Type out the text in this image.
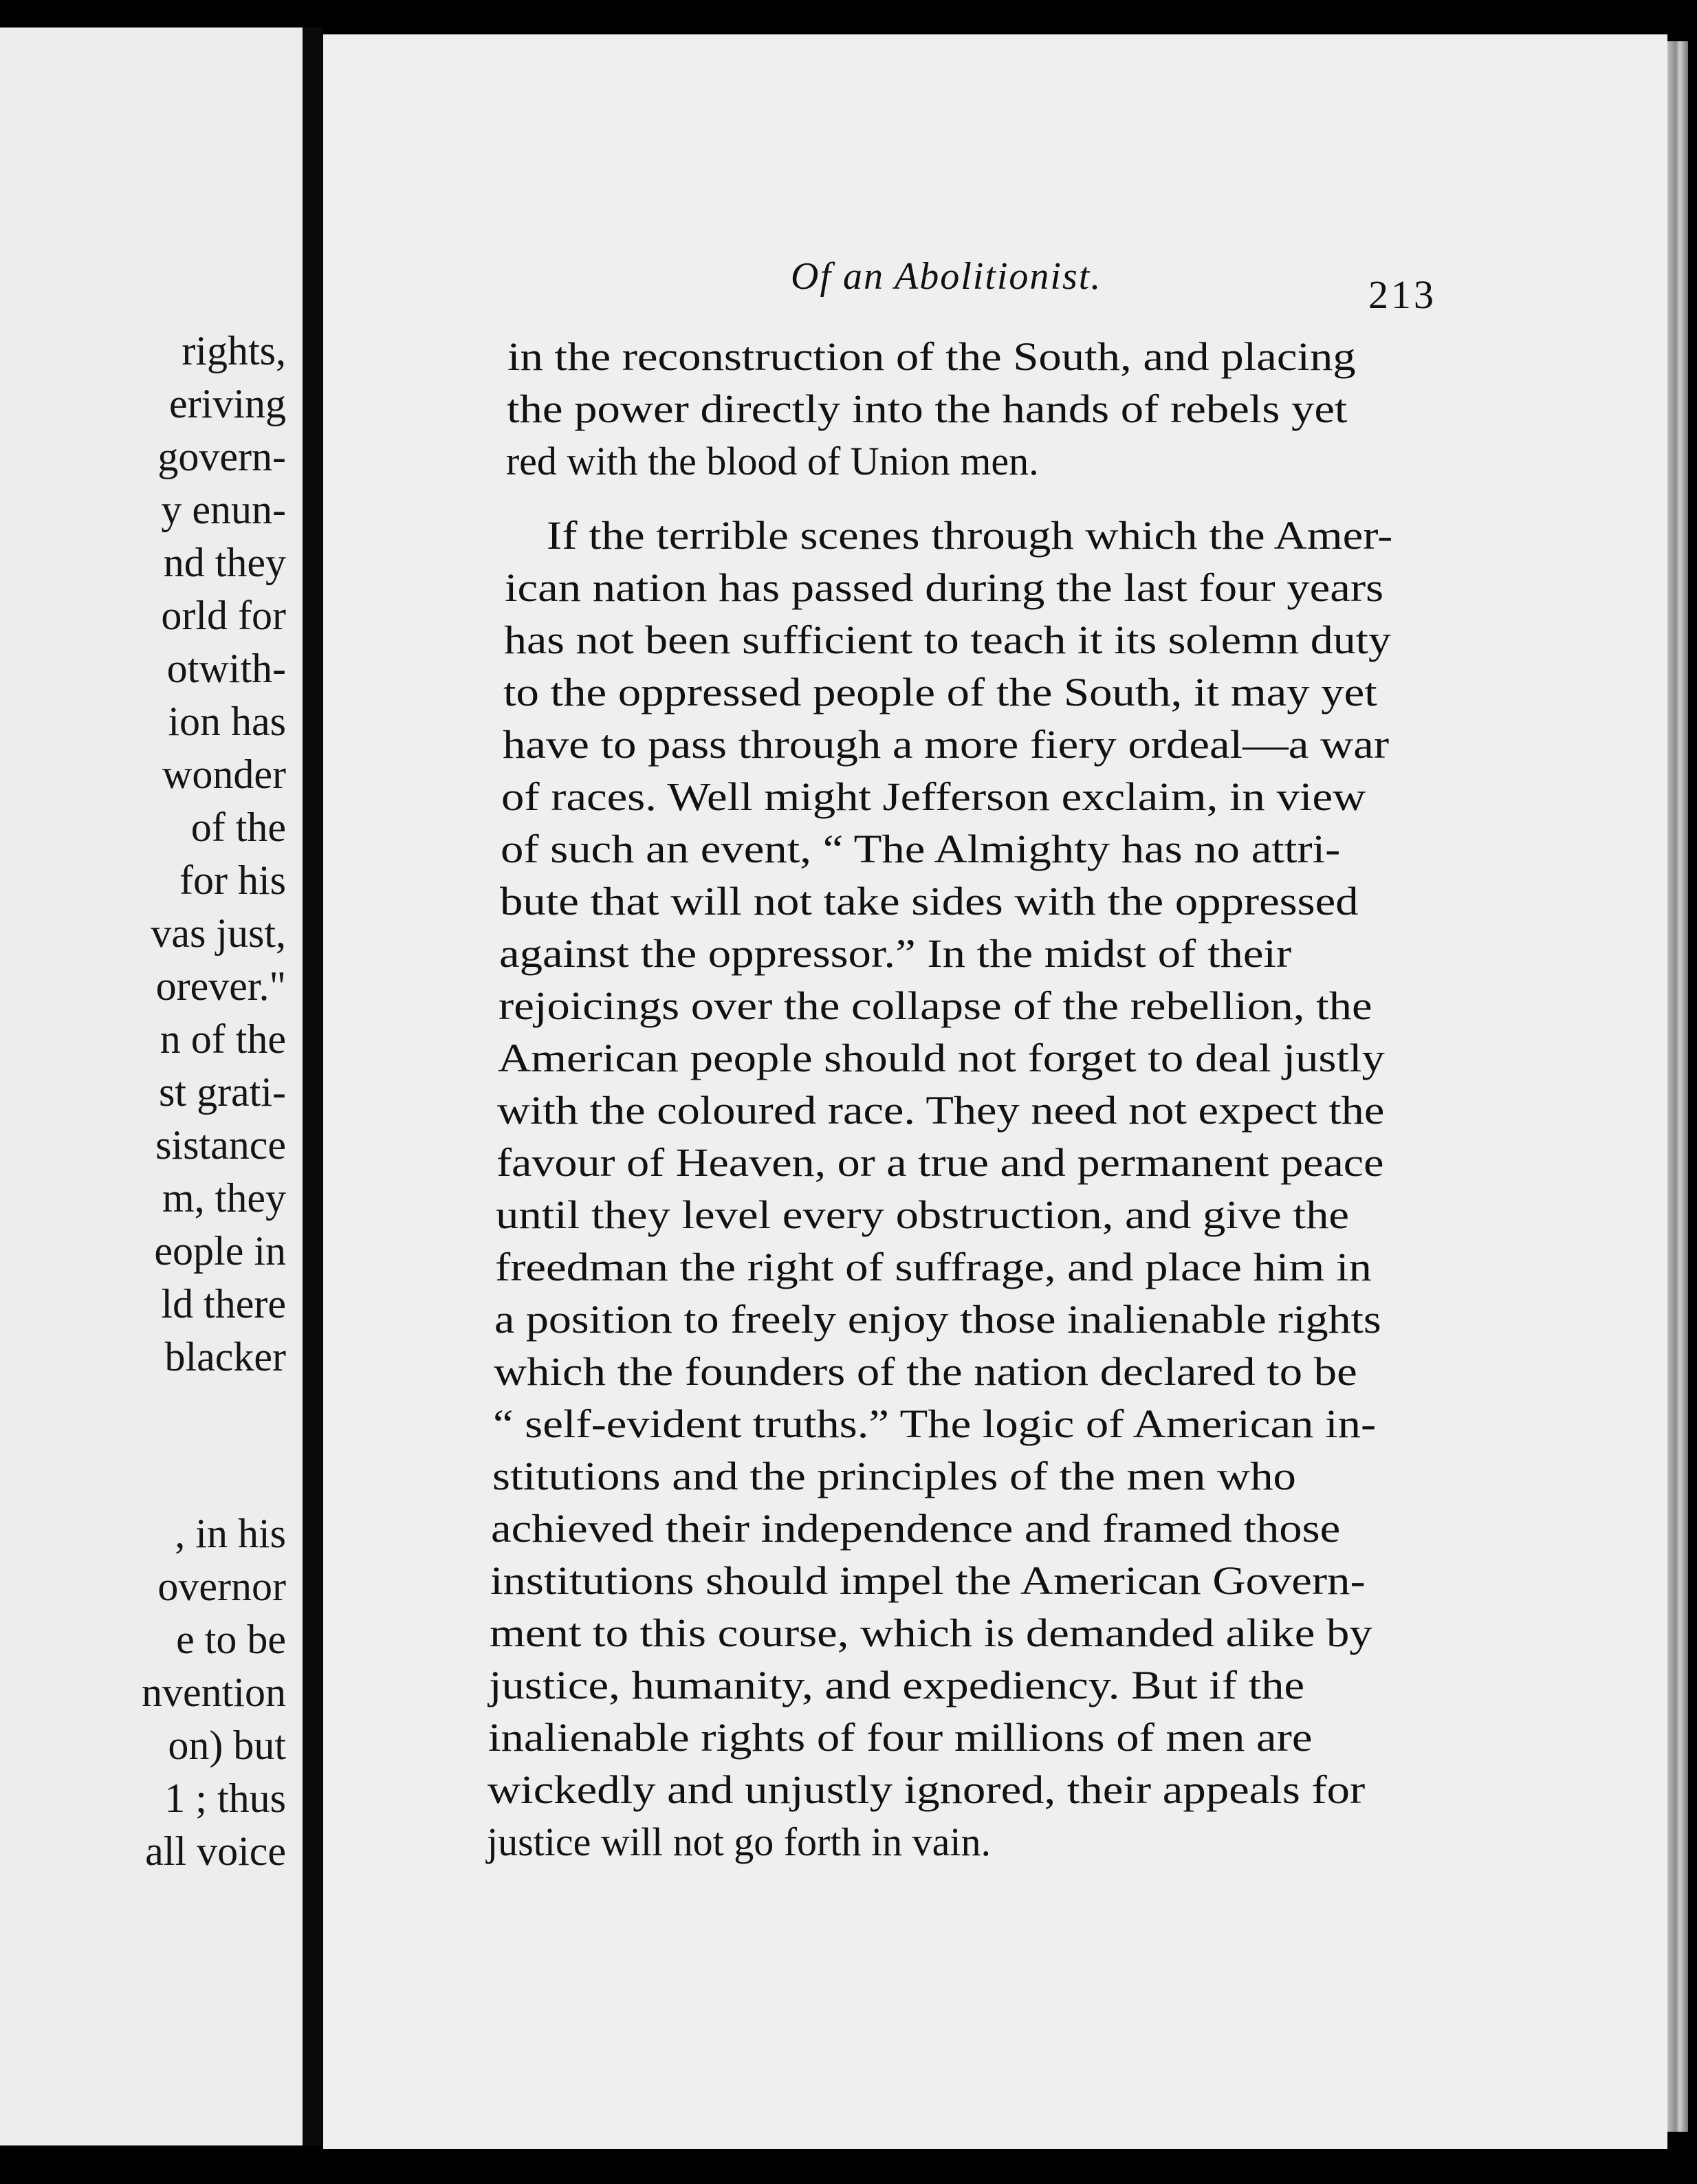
rights,
eriving
govern-
y enun-
nd they
orld for
otwith-
ion has
wonder
of the
for his
vas just,
orever."
n of the
st grati-
sistance
m, they
eople in
ld there
blacker
, in his
overnor
e to be
nvention
on) but
1 ; thus
all voice
Of an Abolitionist.	213
in the reconstruction of the South, and placing
the power directly into the hands of rebels yet
red with the blood of Union men.
If the terrible scenes through which the Amer-
ican nation has passed during the last four years
has not been sufficient to teach it its solemn duty
to the oppressed people of the South, it may yet
have to pass through a more fiery ordeal—a war
of races. Well might Jefferson exclaim, in view
of such an event, “ The Almighty has no attri-
bute that will not take sides with the oppressed
against the oppressor.” In the midst of their
rejoicings over the collapse of the rebellion, the
American people should not forget to deal justly
with the coloured race. They need not expect the
favour of Heaven, or a true and permanent peace
until they level every obstruction, and give the
freedman the right of suffrage, and place him in
a position to freely enjoy those inalienable rights
which the founders of the nation declared to be
“ self-evident truths.” The logic of American in-
stitutions and the principles of the men who
achieved their independence and framed those
institutions should impel the American Govern-
ment to this course, which is demanded alike by
justice, humanity, and expediency. But if the
inalienable rights of four millions of men are
wickedly and unjustly ignored, their appeals for
justice will not go forth in vain.
